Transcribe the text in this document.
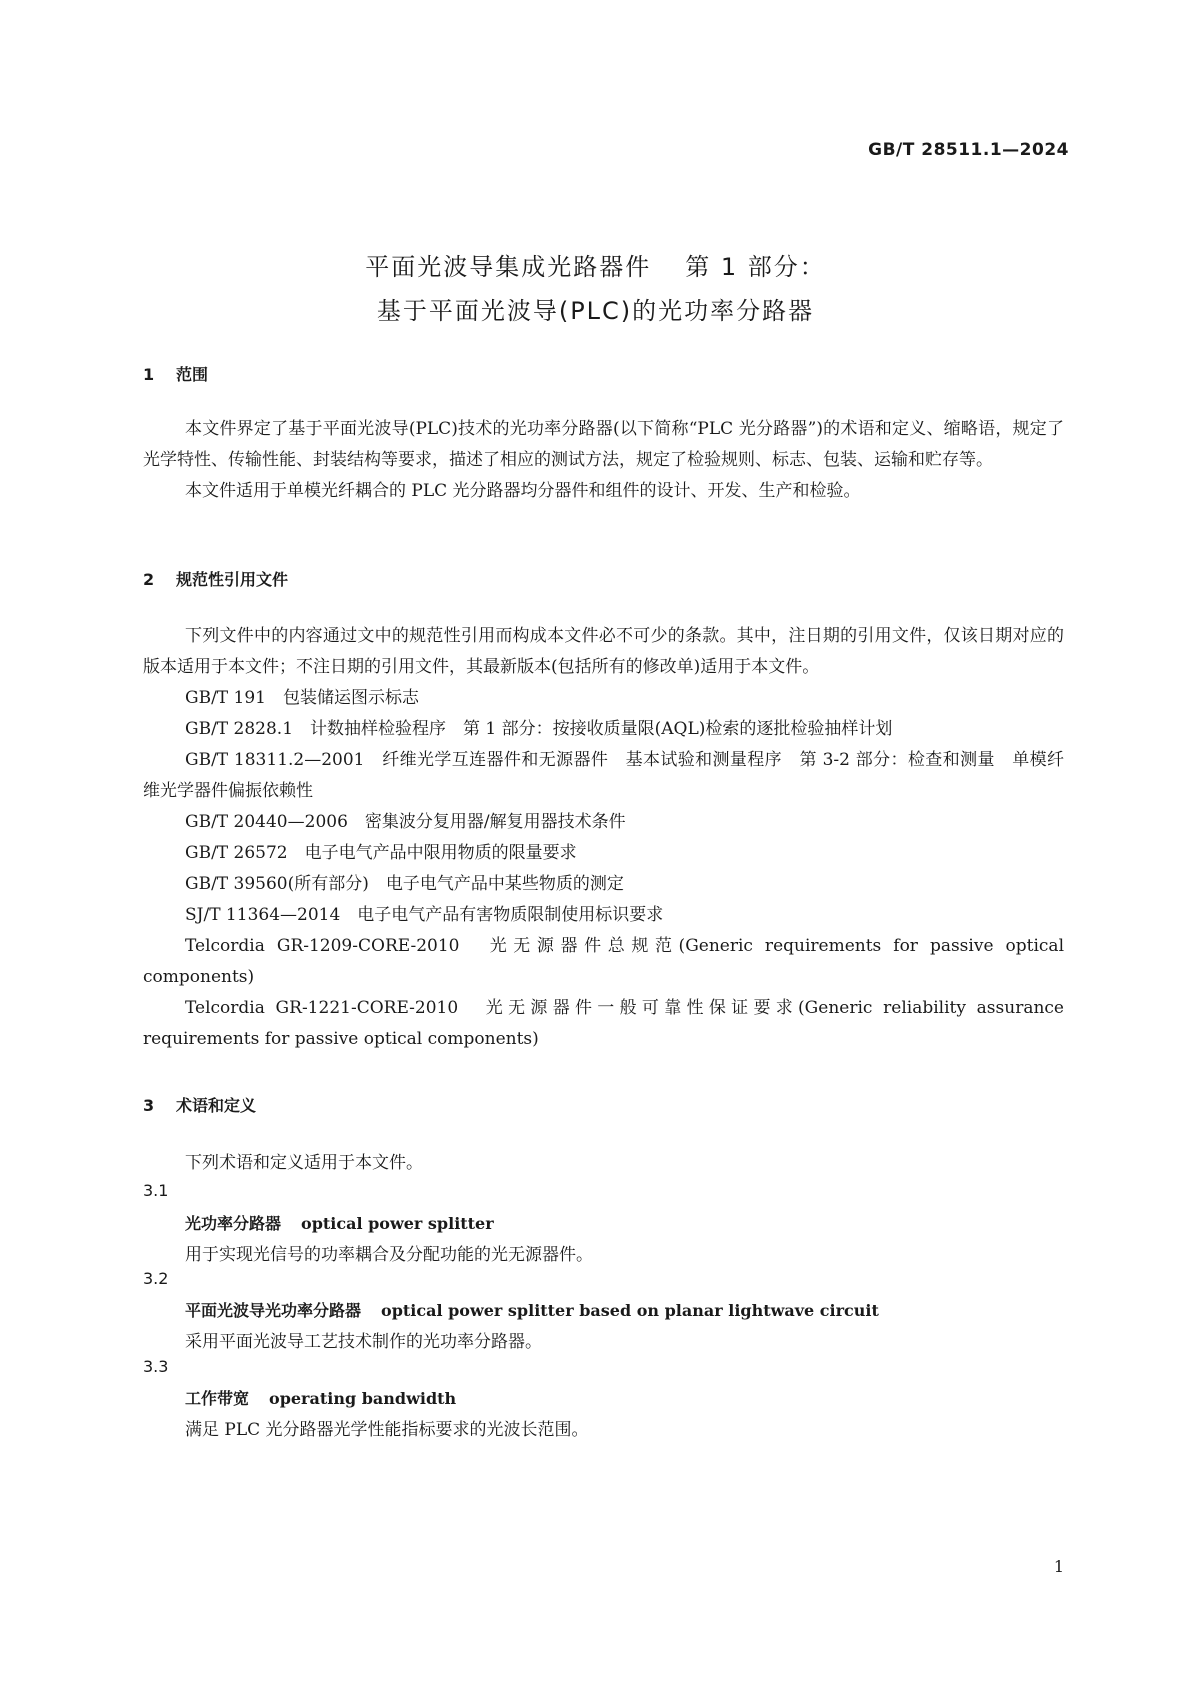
GB/T 28511.1—2024
平面光波导集成光路器件 第 1 部分：
基于平面光波导(PLC)的光功率分路器
1 范围

本文件界定了基于平面光波导(PLC)技术的光功率分路器(以下简称“PLC 光分路器”)的术语和定义、缩略语，规定了光学特性、传输性能、封装结构等要求，描述了相应的测试方法，规定了检验规则、标志、包装、运输和贮存等。

本文件适用于单模光纤耦合的 PLC 光分路器均分器件和组件的设计、开发、生产和检验。

2 规范性引用文件

下列文件中的内容通过文中的规范性引用而构成本文件必不可少的条款。其中，注日期的引用文件，仅该日期对应的版本适用于本文件；不注日期的引用文件，其最新版本(包括所有的修改单)适用于本文件。

GB/T 191　包装储运图示标志

GB/T 2828.1　计数抽样检验程序　第 1 部分：按接收质量限(AQL)检索的逐批检验抽样计划

GB/T 18311.2—2001　纤维光学互连器件和无源器件　基本试验和测量程序　第 3-2 部分：检查和测量　单模纤维光学器件偏振依赖性

GB/T 20440—2006　密集波分复用器/解复用器技术条件

GB/T 26572　电子电气产品中限用物质的限量要求

GB/T 39560(所有部分)　电子电气产品中某些物质的测定

SJ/T 11364—2014　电子电气产品有害物质限制使用标识要求

Telcordia GR-1209-CORE-2010　光无源器件总规范(Generic requirements for passive optical components)

Telcordia GR-1221-CORE-2010　光无源器件一般可靠性保证要求(Generic reliability assurance requirements for passive optical components)

3 术语和定义

下列术语和定义适用于本文件。

3.1
光功率分路器 optical power splitter
用于实现光信号的功率耦合及分配功能的光无源器件。
3.2
平面光波导光功率分路器 optical power splitter based on planar lightwave circuit
采用平面光波导工艺技术制作的光功率分路器。
3.3
工作带宽 operating bandwidth
满足 PLC 光分路器光学性能指标要求的光波长范围。
1
